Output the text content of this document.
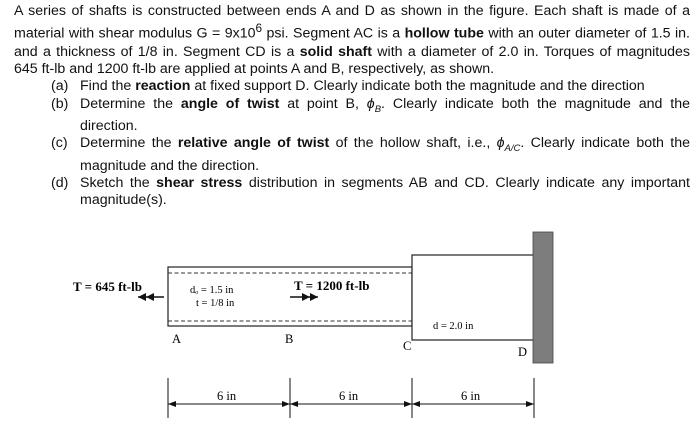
A series of shafts is constructed between ends A and D as shown in the figure. Each shaft is made of a material with shear modulus $G = 9x10^6$ psi. Segment AC is a hollow tube with an outer diameter of 1.5 in. and a thickness of 1/8 in. Segment CD is a solid shaft with a diameter of 2.0 in. Torques of magnitudes 645 ft-lb and 1200 ft-lb are applied at points A and B, respectively, as shown.

(a) Find the reaction at fixed support D. Clearly indicate both the magnitude and the direction
(b) Determine the angle of twist at point B, $\phi_B$. Clearly indicate both the magnitude and the direction.
(c) Determine the relative angle of twist of the hollow shaft, i.e., $\phi_{A/C}$. Clearly indicate both the magnitude and the direction.
(d) Sketch the shear stress distribution in segments AB and CD. Clearly indicate any important magnitude(s).
T = 645 ft-lb	dₒ = 1.5 in
t = 1/8 in
T = 1200 ft-lb
d = 2.0 in
A	B	C	D
6 in	6 in	6 in
